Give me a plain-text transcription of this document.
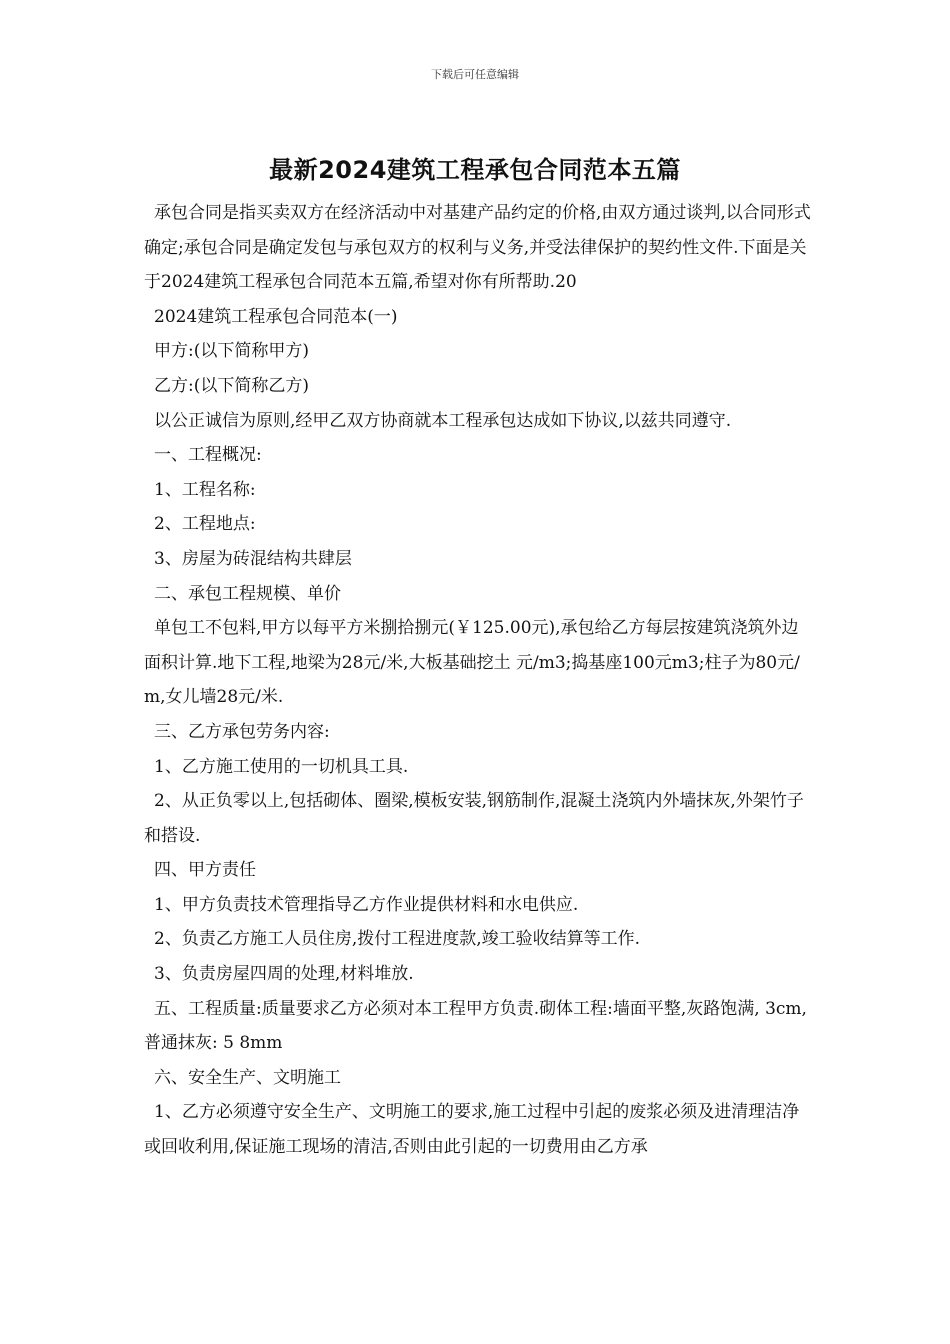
下载后可任意编辑
最新2024建筑工程承包合同范本五篇

承包合同是指买卖双方在经济活动中对基建产品约定的价格,由双方通过谈判,以合同形式确定;承包合同是确定发包与承包双方的权利与义务,并受法律保护的契约性文件.下面是关于2024建筑工程承包合同范本五篇,希望对你有所帮助.20

2024建筑工程承包合同范本(一)

甲方:(以下简称甲方)

乙方:(以下简称乙方)

以公正诚信为原则,经甲乙双方协商就本工程承包达成如下协议,以兹共同遵守.

一、工程概况:

1、工程名称:

2、工程地点:

3、房屋为砖混结构共肆层

二、承包工程规模、单价

单包工不包料,甲方以每平方米捌拾捌元(￥125.00元),承包给乙方每层按建筑浇筑外边面积计算.地下工程,地梁为28元/米,大板基础挖土 元/m3;捣基座100元m3;柱子为80元/m,女儿墙28元/米.

三、乙方承包劳务内容:

1、乙方施工使用的一切机具工具.

2、从正负零以上,包括砌体、圈梁,模板安装,钢筋制作,混凝土浇筑内外墙抹灰,外架竹子和搭设.

四、甲方责任

1、甲方负责技术管理指导乙方作业提供材料和水电供应.

2、负责乙方施工人员住房,拨付工程进度款,竣工验收结算等工作.

3、负责房屋四周的处理,材料堆放.

五、工程质量:质量要求乙方必须对本工程甲方负责.砌体工程:墙面平整,灰路饱满, 3cm,普通抹灰: 5 8mm

六、安全生产、文明施工

1、乙方必须遵守安全生产、文明施工的要求,施工过程中引起的废浆必须及进清理洁净或回收利用,保证施工现场的清洁,否则由此引起的一切费用由乙方承
